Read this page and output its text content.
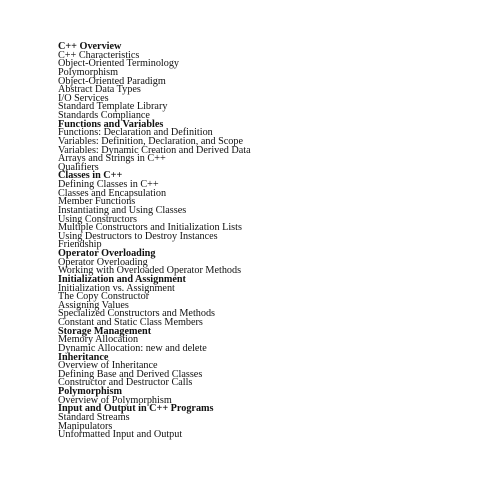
C++ Overview
C++ Characteristics
Object-Oriented Terminology
Polymorphism
Object-Oriented Paradigm
Abstract Data Types
I/O Services
Standard Template Library
Standards Compliance
Functions and Variables
Functions: Declaration and Definition
Variables: Definition, Declaration, and Scope
Variables: Dynamic Creation and Derived Data
Arrays and Strings in C++
Qualifiers
Classes in C++
Defining Classes in C++
Classes and Encapsulation
Member Functions
Instantiating and Using Classes
Using Constructors
Multiple Constructors and Initialization Lists
Using Destructors to Destroy Instances
Friendship
Operator Overloading
Operator Overloading
Working with Overloaded Operator Methods
Initialization and Assignment
Initialization vs. Assignment
The Copy Constructor
Assigning Values
Specialized Constructors and Methods
Constant and Static Class Members
Storage Management
Memory Allocation
Dynamic Allocation: new and delete
Inheritance
Overview of Inheritance
Defining Base and Derived Classes
Constructor and Destructor Calls
Polymorphism
Overview of Polymorphism
Input and Output in C++ Programs
Standard Streams
Manipulators
Unformatted Input and Output
